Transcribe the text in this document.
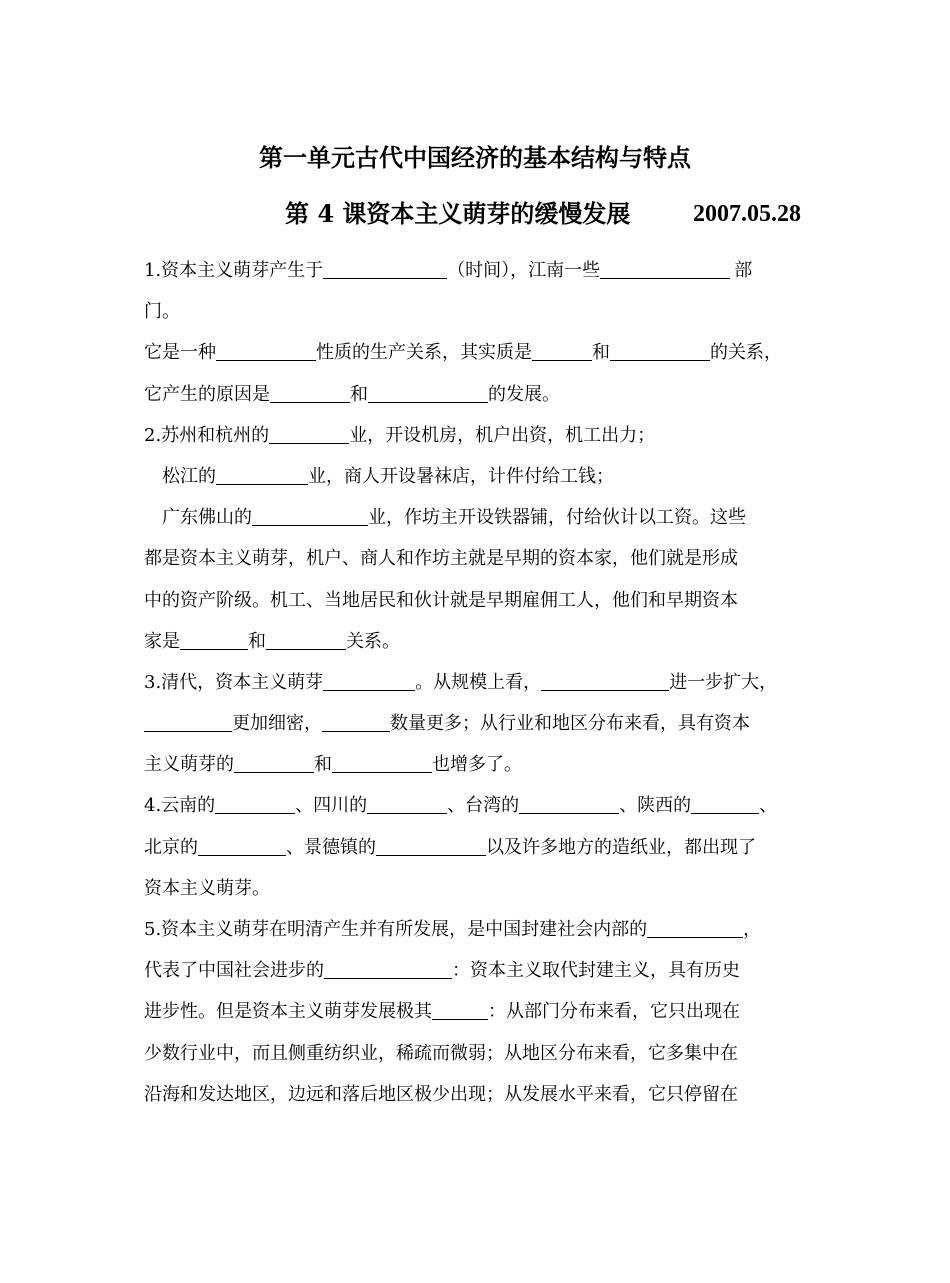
第一单元古代中国经济的基本结构与特点
第 4 课资本主义萌芽的缓慢发展	2007.05.28
1.资本主义萌芽产生于	（时间），江南一些	部
门。
它是一种	性质的生产关系，其实质是	和	的关系，
它产生的原因是	和	的发展。
2.苏州和杭州的	业，开设机房，机户出资，机工出力；
松江的	业，商人开设暑袜店，计件付给工钱；
广东佛山的	业，作坊主开设铁器铺，付给伙计以工资。这些
都是资本主义萌芽，机户、商人和作坊主就是早期的资本家，他们就是形成
中的资产阶级。机工、当地居民和伙计就是早期雇佣工人，他们和早期资本
家是	和	关系。
3.清代，资本主义萌芽	。从规模上看，	进一步扩大，
更加细密，	数量更多；从行业和地区分布来看，具有资本
主义萌芽的	和	也增多了。
4.云南的	、四川的	、台湾的	、陕西的	、
北京的	、景德镇的	以及许多地方的造纸业，都出现了
资本主义萌芽。
5.资本主义萌芽在明清产生并有所发展，是中国封建社会内部的	，
代表了中国社会进步的	：资本主义取代封建主义，具有历史
进步性。但是资本主义萌芽发展极其	：从部门分布来看，它只出现在
少数行业中，而且侧重纺织业，稀疏而微弱；从地区分布来看，它多集中在
沿海和发达地区，边远和落后地区极少出现；从发展水平来看，它只停留在
